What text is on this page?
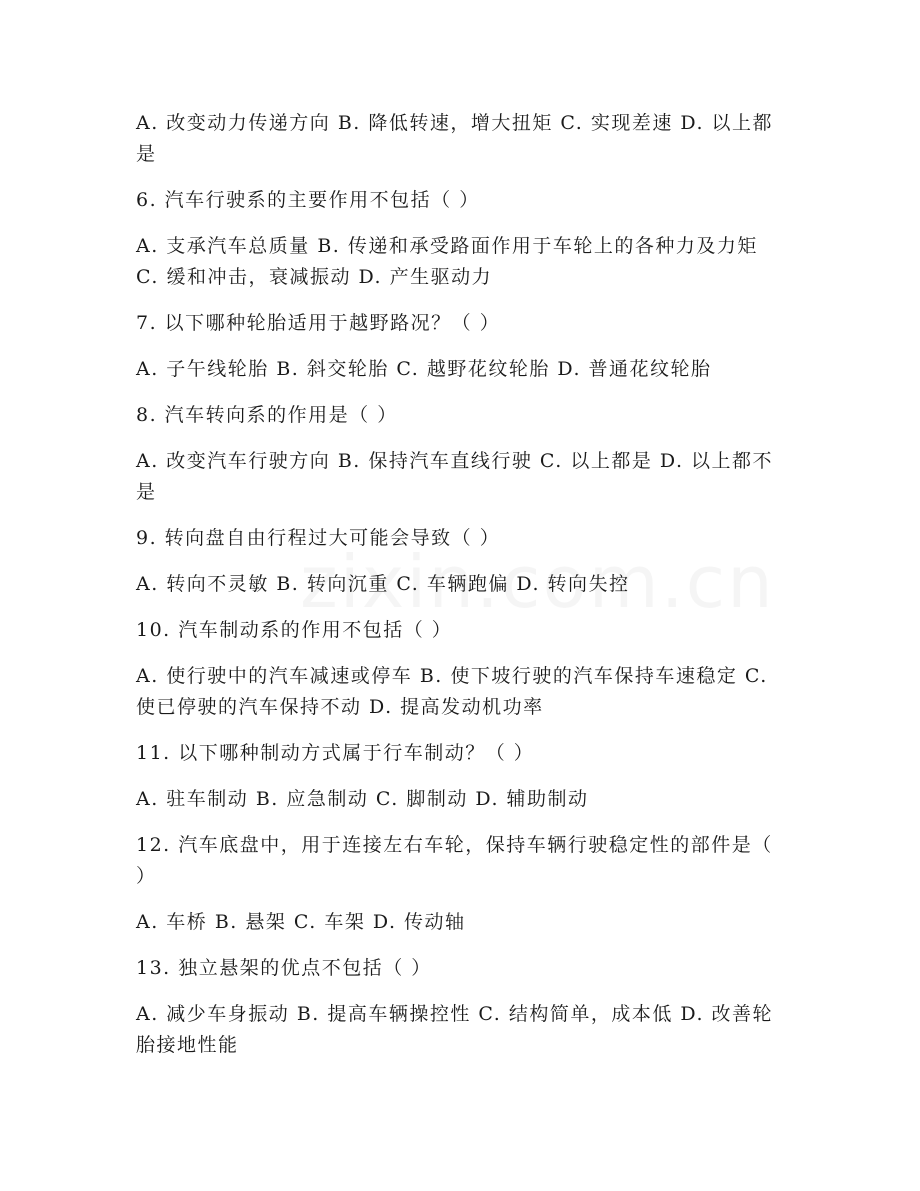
A. 改变动力传递方向 B. 降低转速，增大扭矩 C. 实现差速 D. 以上都是

6. 汽车行驶系的主要作用不包括（ ）

A. 支承汽车总质量 B. 传递和承受路面作用于车轮上的各种力及力矩 C. 缓和冲击，衰减振动 D. 产生驱动力

7. 以下哪种轮胎适用于越野路况？（ ）

A. 子午线轮胎 B. 斜交轮胎 C. 越野花纹轮胎 D. 普通花纹轮胎

8. 汽车转向系的作用是（ ）

A. 改变汽车行驶方向 B. 保持汽车直线行驶 C. 以上都是 D. 以上都不是

9. 转向盘自由行程过大可能会导致（ ）

A. 转向不灵敏 B. 转向沉重 C. 车辆跑偏 D. 转向失控

10. 汽车制动系的作用不包括（ ）

A. 使行驶中的汽车减速或停车 B. 使下坡行驶的汽车保持车速稳定 C. 使已停驶的汽车保持不动 D. 提高发动机功率

11. 以下哪种制动方式属于行车制动？（ ）

A. 驻车制动 B. 应急制动 C. 脚制动 D. 辅助制动

12. 汽车底盘中，用于连接左右车轮，保持车辆行驶稳定性的部件是（ ）

A. 车桥 B. 悬架 C. 车架 D. 传动轴

13. 独立悬架的优点不包括（ ）

A. 减少车身振动 B. 提高车辆操控性 C. 结构简单，成本低 D. 改善轮胎接地性能
